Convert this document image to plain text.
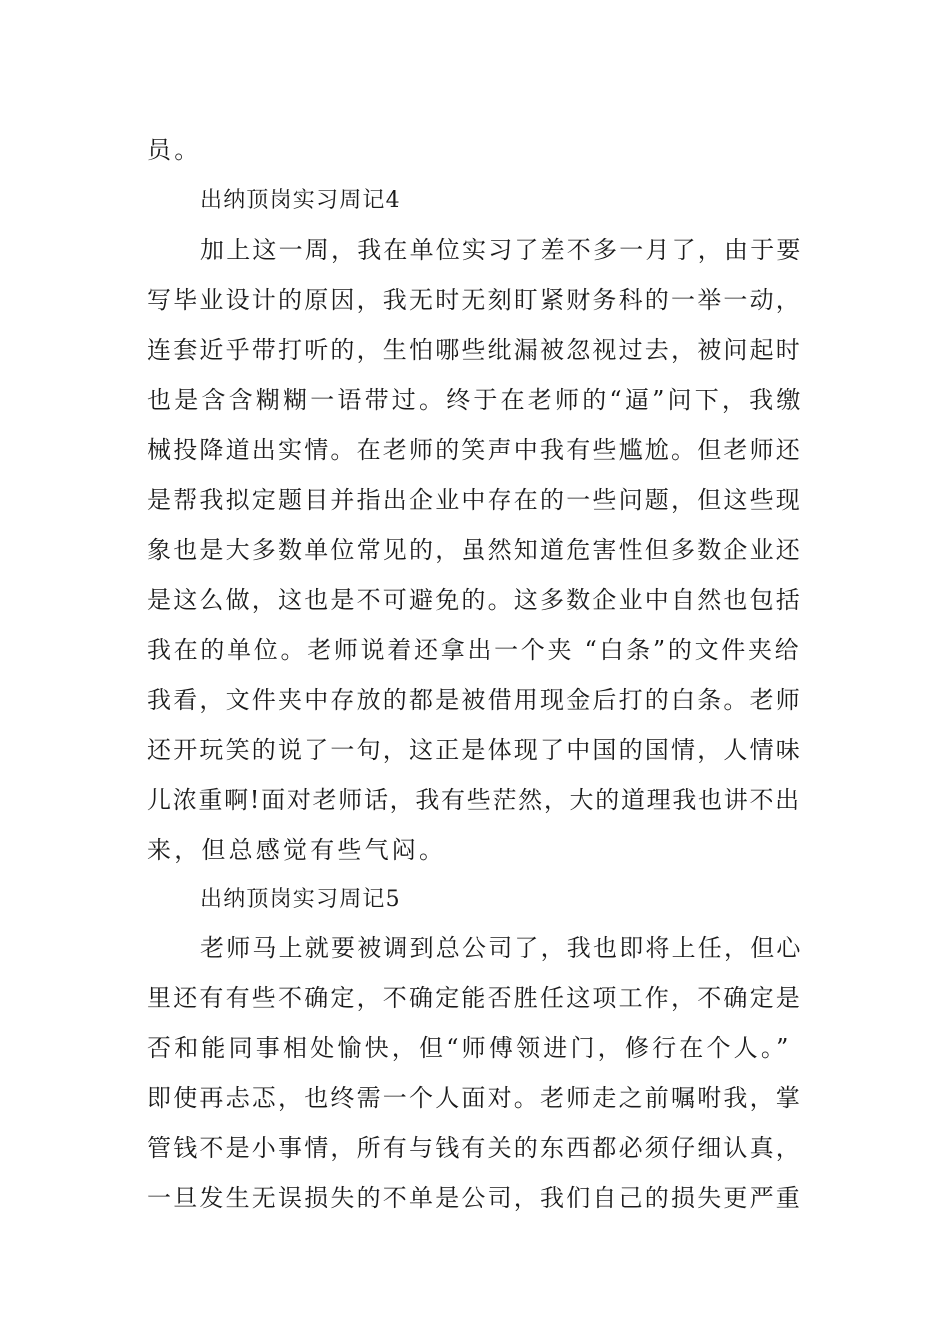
员。
出纳顶岗实习周记4
加上这一周，我在单位实习了差不多一月了，由于要
写毕业设计的原因，我无时无刻盯紧财务科的一举一动，
连套近乎带打听的，生怕哪些纰漏被忽视过去，被问起时
也是含含糊糊一语带过。终于在老师的“逼”问下，我缴
械投降道出实情。在老师的笑声中我有些尴尬。但老师还
是帮我拟定题目并指出企业中存在的一些问题，但这些现
象也是大多数单位常见的，虽然知道危害性但多数企业还
是这么做，这也是不可避免的。这多数企业中自然也包括
我在的单位。老师说着还拿出一个夹 “白条”的文件夹给
我看，文件夹中存放的都是被借用现金后打的白条。老师
还开玩笑的说了一句，这正是体现了中国的国情，人情味
儿浓重啊!面对老师话，我有些茫然，大的道理我也讲不出
来，但总感觉有些气闷。
出纳顶岗实习周记5
老师马上就要被调到总公司了，我也即将上任，但心
里还有有些不确定，不确定能否胜任这项工作，不确定是
否和能同事相处愉快，但“师傅领进门，修行在个人。”
即使再忐忑，也终需一个人面对。老师走之前嘱咐我，掌
管钱不是小事情，所有与钱有关的东西都必须仔细认真，
一旦发生无误损失的不单是公司，我们自己的损失更严重
